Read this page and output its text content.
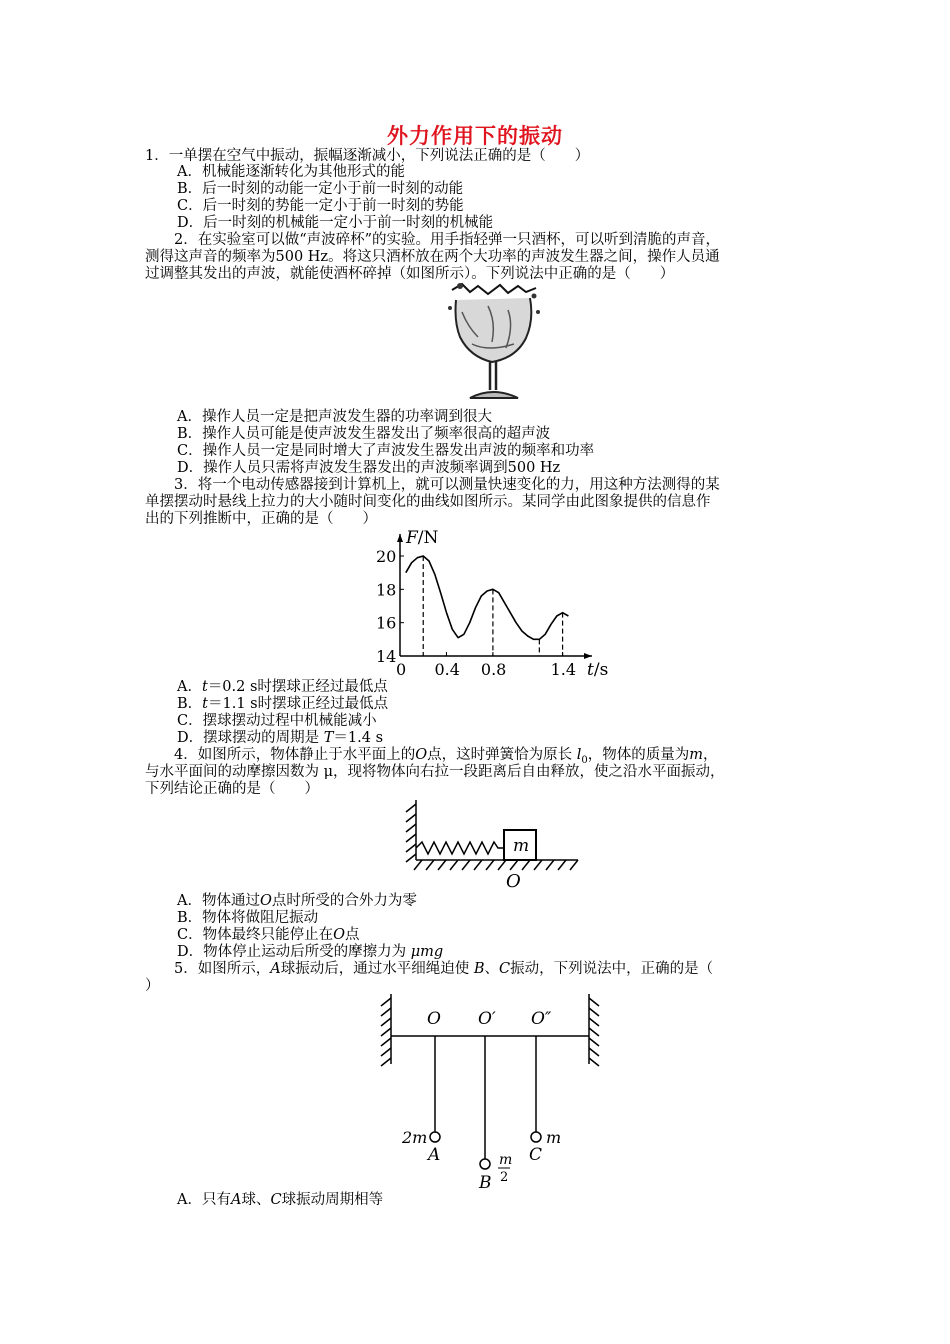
外力作用下的振动
1．一单摆在空气中振动，振幅逐渐减小，下列说法正确的是（　　）
A．机械能逐渐转化为其他形式的能
B．后一时刻的动能一定小于前一时刻的动能
C．后一时刻的势能一定小于前一时刻的势能
D．后一时刻的机械能一定小于前一时刻的机械能
　　2．在实验室可以做“声波碎杯”的实验。用手指轻弹一只酒杯，可以听到清脆的声音，
测得这声音的频率为500 Hz。将这只酒杯放在两个大功率的声波发生器之间，操作人员通
过调整其发出的声波，就能使酒杯碎掉（如图所示）。下列说法中正确的是（　　）
A．操作人员一定是把声波发生器的功率调到很大
B．操作人员可能是使声波发生器发出了频率很高的超声波
C．操作人员一定是同时增大了声波发生器发出声波的频率和功率
D．操作人员只需将声波发生器发出的声波频率调到500 Hz
　　3．将一个电动传感器接到计算机上，就可以测量快速变化的力，用这种方法测得的某
单摆摆动时悬线上拉力的大小随时间变化的曲线如图所示。某同学由此图象提供的信息作
出的下列推断中，正确的是（　　）
14
16
18
20
0.4 0.8	1.4
F/N
t/s
0
A．t＝0.2 s时摆球正经过最低点
B．t＝1.1 s时摆球正经过最低点
C．摆球摆动过程中机械能减小
D．摆球摆动的周期是 T＝1.4 s
　　4．如图所示，物体静止于水平面上的O点，这时弹簧恰为原长 $l_0$，物体的质量为m，
与水平面间的动摩擦因数为 μ，现将物体向右拉一段距离后自由释放，使之沿水平面振动，
下列结论正确的是（　　）
m
O
A．物体通过O点时所受的合外力为零
B．物体将做阻尼振动
C．物体最终只能停止在O点
D．物体停止运动后所受的摩擦力为 μmg
　　5．如图所示，A球振动后，通过水平细绳迫使 B、C振动，下列说法中，正确的是（
）
O O′ O″
2m
A	m
2
B
m
C
A．只有A球、C球振动周期相等
